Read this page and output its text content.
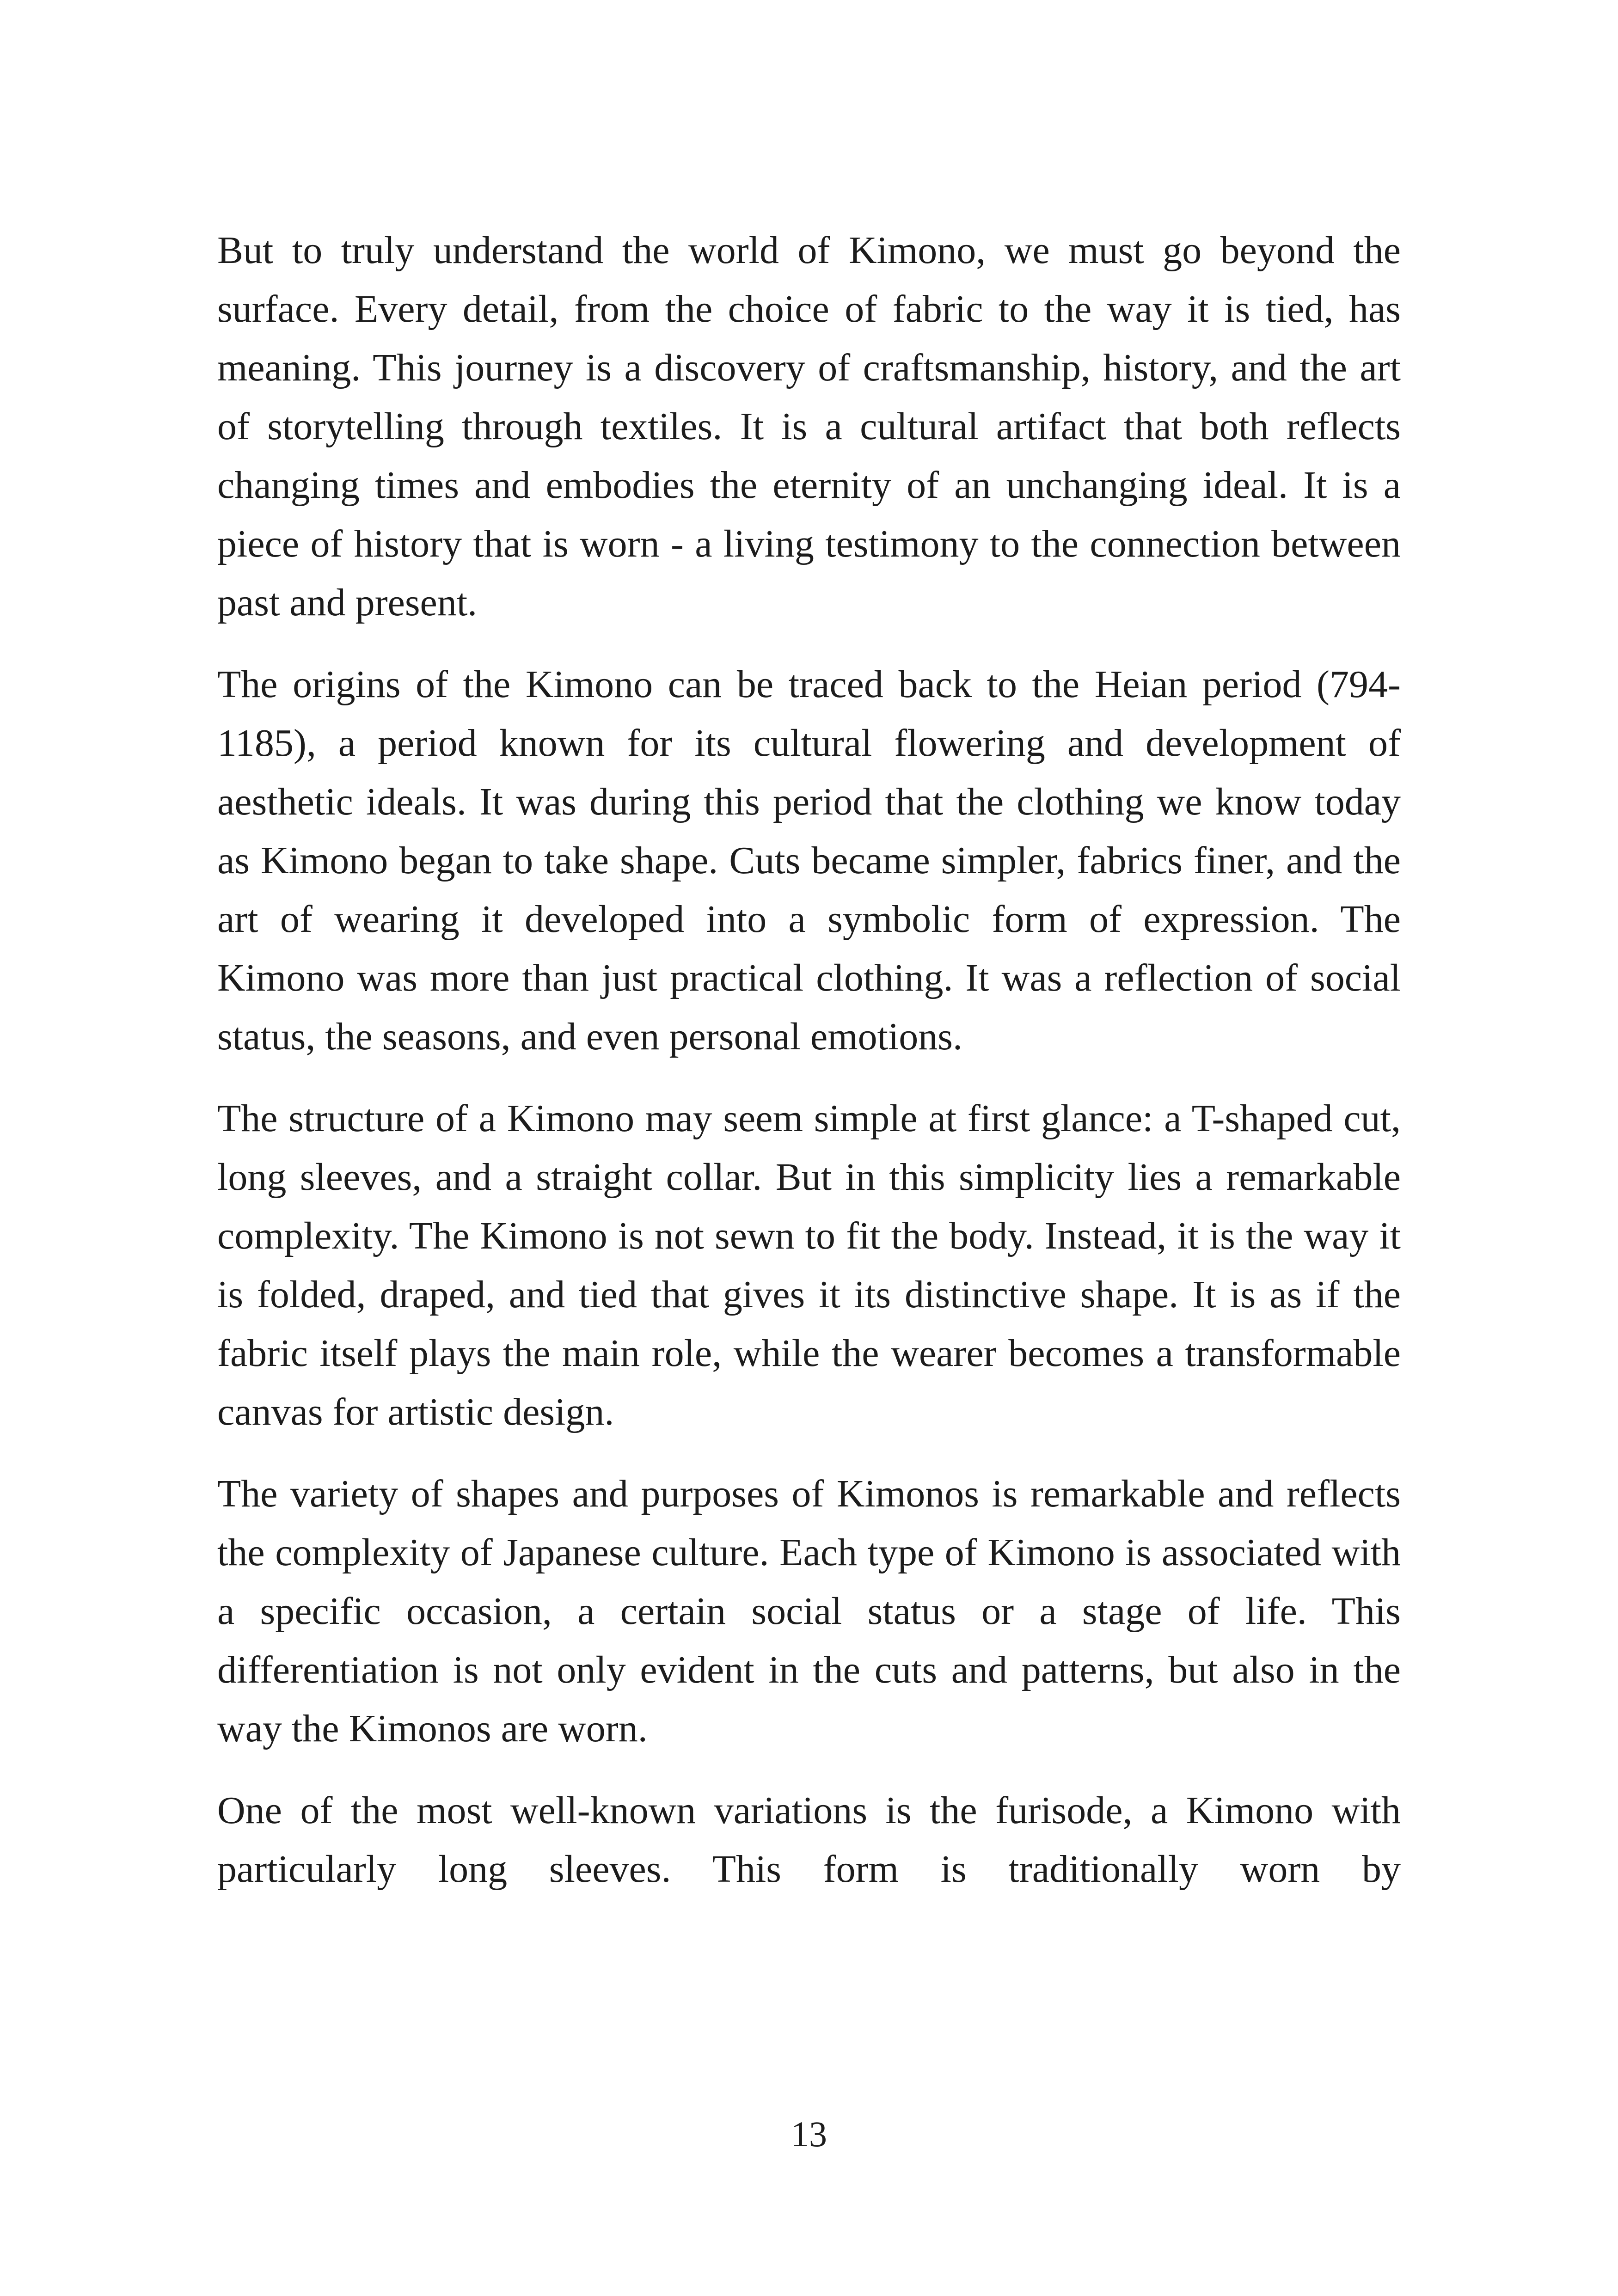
But to truly understand the world of Kimono, we must go beyond the surface. Every detail, from the choice of fabric to the way it is tied, has meaning. This journey is a discovery of craftsmanship, history, and the art of storytelling through textiles. It is a cultural artifact that both reflects changing times and embodies the eternity of an unchanging ideal. It is a piece of history that is worn - a living testimony to the connection between past and present.

The origins of the Kimono can be traced back to the Heian period (794-1185), a period known for its cultural flowering and development of aesthetic ideals. It was during this period that the clothing we know today as Kimono began to take shape. Cuts became simpler, fabrics finer, and the art of wearing it developed into a symbolic form of expression. The Kimono was more than just practical clothing. It was a reflection of social status, the seasons, and even personal emotions.

The structure of a Kimono may seem simple at first glance: a T-shaped cut, long sleeves, and a straight collar. But in this simplicity lies a remarkable complexity. The Kimono is not sewn to fit the body. Instead, it is the way it is folded, draped, and tied that gives it its distinctive shape. It is as if the fabric itself plays the main role, while the wearer becomes a transformable canvas for artistic design.

The variety of shapes and purposes of Kimonos is remarkable and reflects the complexity of Japanese culture. Each type of Kimono is associated with a specific occasion, a certain social status or a stage of life. This differentiation is not only evident in the cuts and patterns, but also in the way the Kimonos are worn.

One of the most well-known variations is the furisode, a Kimono with particularly long sleeves. This form is traditionally worn by

13
